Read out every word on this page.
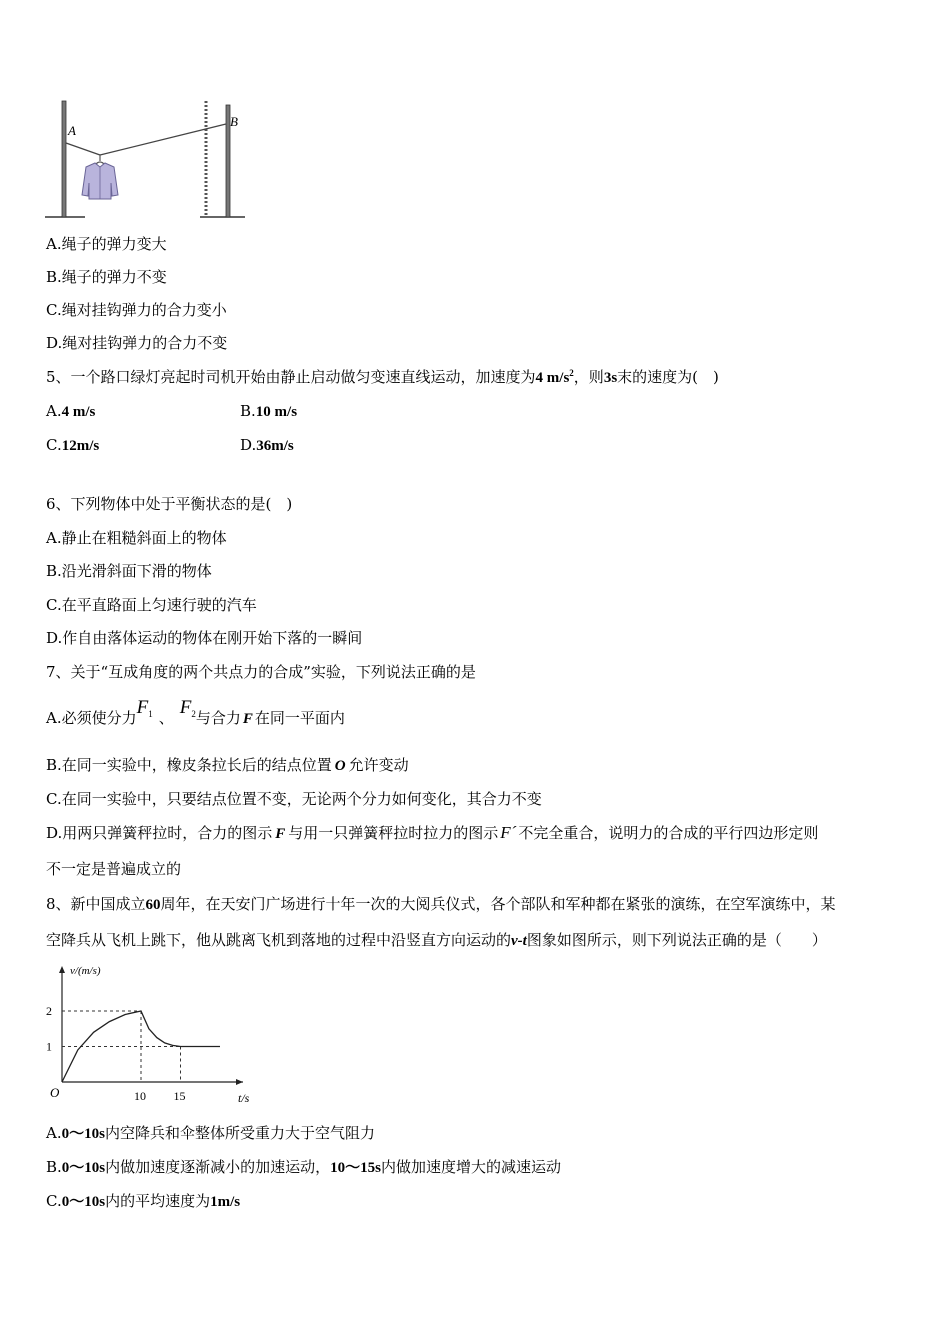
A
B
A.绳子的弹力变大
B.绳子的弹力不变
C.绳对挂钩弹力的合力变小
D.绳对挂钩弹力的合力不变
5、一个路口绿灯亮起时司机开始由静止启动做匀变速直线运动，加速度为4 $m/s^2$，则3s末的速度为(　)
A.4 m/s	B.10 m/s
C.12m/s	D.36m/s
6、下列物体中处于平衡状态的是(　)
A.静止在粗糙斜面上的物体
B.沿光滑斜面下滑的物体
C.在平直路面上匀速行驶的汽车
D.作自由落体运动的物体在刚开始下落的一瞬间
7、关于“互成角度的两个共点力的合成”实验，下列说法正确的是
A.必须使分力$F^1$ 、 $F^2$与合力 F 在同一平面内
B.在同一实验中，橡皮条拉长后的结点位置 O 允许变动
C.在同一实验中，只要结点位置不变，无论两个分力如何变化，其合力不变
D.用两只弹簧秤拉时，合力的图示 F 与用一只弹簧秤拉时拉力的图示 F´ 不完全重合，说明力的合成的平行四边形定则
不一定是普遍成立的
8、新中国成立60周年，在天安门广场进行十年一次的大阅兵仪式，各个部队和军种都在紧张的演练，在空军演练中，某
空降兵从飞机上跳下，他从跳离飞机到落地的过程中沿竖直方向运动的v-t图象如图所示，则下列说法正确的是（　　）
v/(m/s)
t/s
O
1
2
10 15
A.0～10s内空降兵和伞整体所受重力大于空气阻力
B.0～10s内做加速度逐渐减小的加速运动，10～15s内做加速度增大的减速运动
C.0～10s内的平均速度为1m/s
